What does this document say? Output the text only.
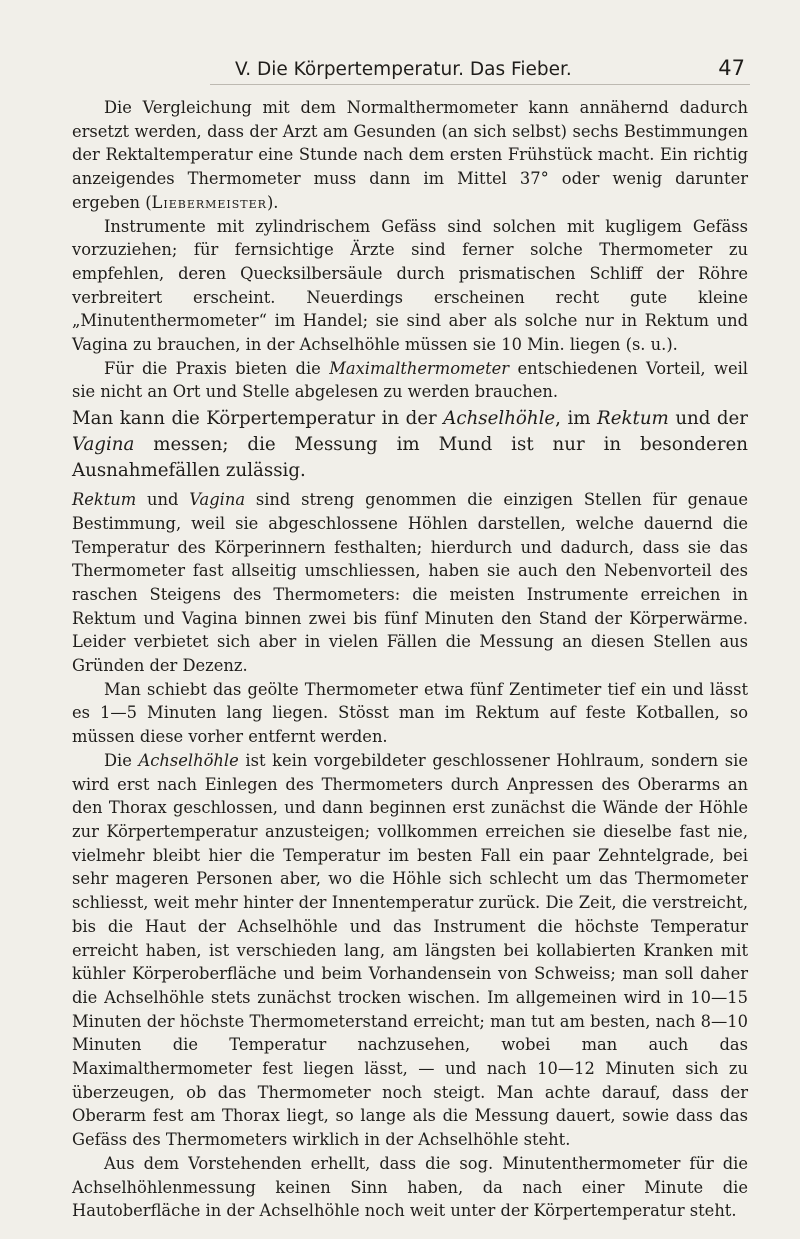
V. Die Körpertemperatur. Das Fieber.	47

Die Vergleichung mit dem Normalthermometer kann annähernd dadurch ersetzt werden, dass der Arzt am Gesunden (an sich selbst) sechs Bestimmungen der Rektaltemperatur eine Stunde nach dem ersten Frühstück macht. Ein richtig anzeigendes Thermometer muss dann im Mittel 37° oder wenig darunter ergeben (Liebermeister).

Instrumente mit zylindrischem Gefäss sind solchen mit kugligem Gefäss vorzuziehen; für fernsichtige Ärzte sind ferner solche Thermometer zu empfehlen, deren Quecksilbersäule durch prismatischen Schliff der Röhre verbreitert erscheint. Neuerdings erscheinen recht gute kleine „Minutenthermometer“ im Handel; sie sind aber als solche nur in Rektum und Vagina zu brauchen, in der Achselhöhle müssen sie 10 Min. liegen (s. u.).

Für die Praxis bieten die Maximalthermometer entschiedenen Vorteil, weil sie nicht an Ort und Stelle abgelesen zu werden brauchen.

Man kann die Körpertemperatur in der Achselhöhle, im Rektum und der Vagina messen; die Messung im Mund ist nur in besonderen Ausnahmefällen zulässig.

Rektum und Vagina sind streng genommen die einzigen Stellen für genaue Bestimmung, weil sie abgeschlossene Höhlen darstellen, welche dauernd die Temperatur des Körperinnern festhalten; hierdurch und dadurch, dass sie das Thermometer fast allseitig umschliessen, haben sie auch den Nebenvorteil des raschen Steigens des Thermometers: die meisten Instrumente erreichen in Rektum und Vagina binnen zwei bis fünf Minuten den Stand der Körperwärme. Leider verbietet sich aber in vielen Fällen die Messung an diesen Stellen aus Gründen der Dezenz.

Man schiebt das geölte Thermometer etwa fünf Zentimeter tief ein und lässt es 1—5 Minuten lang liegen. Stösst man im Rektum auf feste Kotballen, so müssen diese vorher entfernt werden.

Die Achselhöhle ist kein vorgebildeter geschlossener Hohlraum, sondern sie wird erst nach Einlegen des Thermometers durch Anpressen des Oberarms an den Thorax geschlossen, und dann beginnen erst zunächst die Wände der Höhle zur Körpertemperatur anzusteigen; vollkommen erreichen sie dieselbe fast nie, vielmehr bleibt hier die Temperatur im besten Fall ein paar Zehntelgrade, bei sehr mageren Personen aber, wo die Höhle sich schlecht um das Thermometer schliesst, weit mehr hinter der Innentemperatur zurück. Die Zeit, die verstreicht, bis die Haut der Achselhöhle und das Instrument die höchste Temperatur erreicht haben, ist verschieden lang, am längsten bei kollabierten Kranken mit kühler Körperoberfläche und beim Vorhandensein von Schweiss; man soll daher die Achselhöhle stets zunächst trocken wischen. Im allgemeinen wird in 10—15 Minuten der höchste Thermometerstand erreicht; man tut am besten, nach 8—10 Minuten die Temperatur nachzusehen, wobei man auch das Maximalthermometer fest liegen lässt, — und nach 10—12 Minuten sich zu überzeugen, ob das Thermometer noch steigt. Man achte darauf, dass der Oberarm fest am Thorax liegt, so lange als die Messung dauert, sowie dass das Gefäss des Thermometers wirklich in der Achselhöhle steht.

Aus dem Vorstehenden erhellt, dass die sog. Minutenthermometer für die Achselhöhlenmessung keinen Sinn haben, da nach einer Minute die Hautoberfläche in der Achselhöhle noch weit unter der Körpertemperatur steht.
